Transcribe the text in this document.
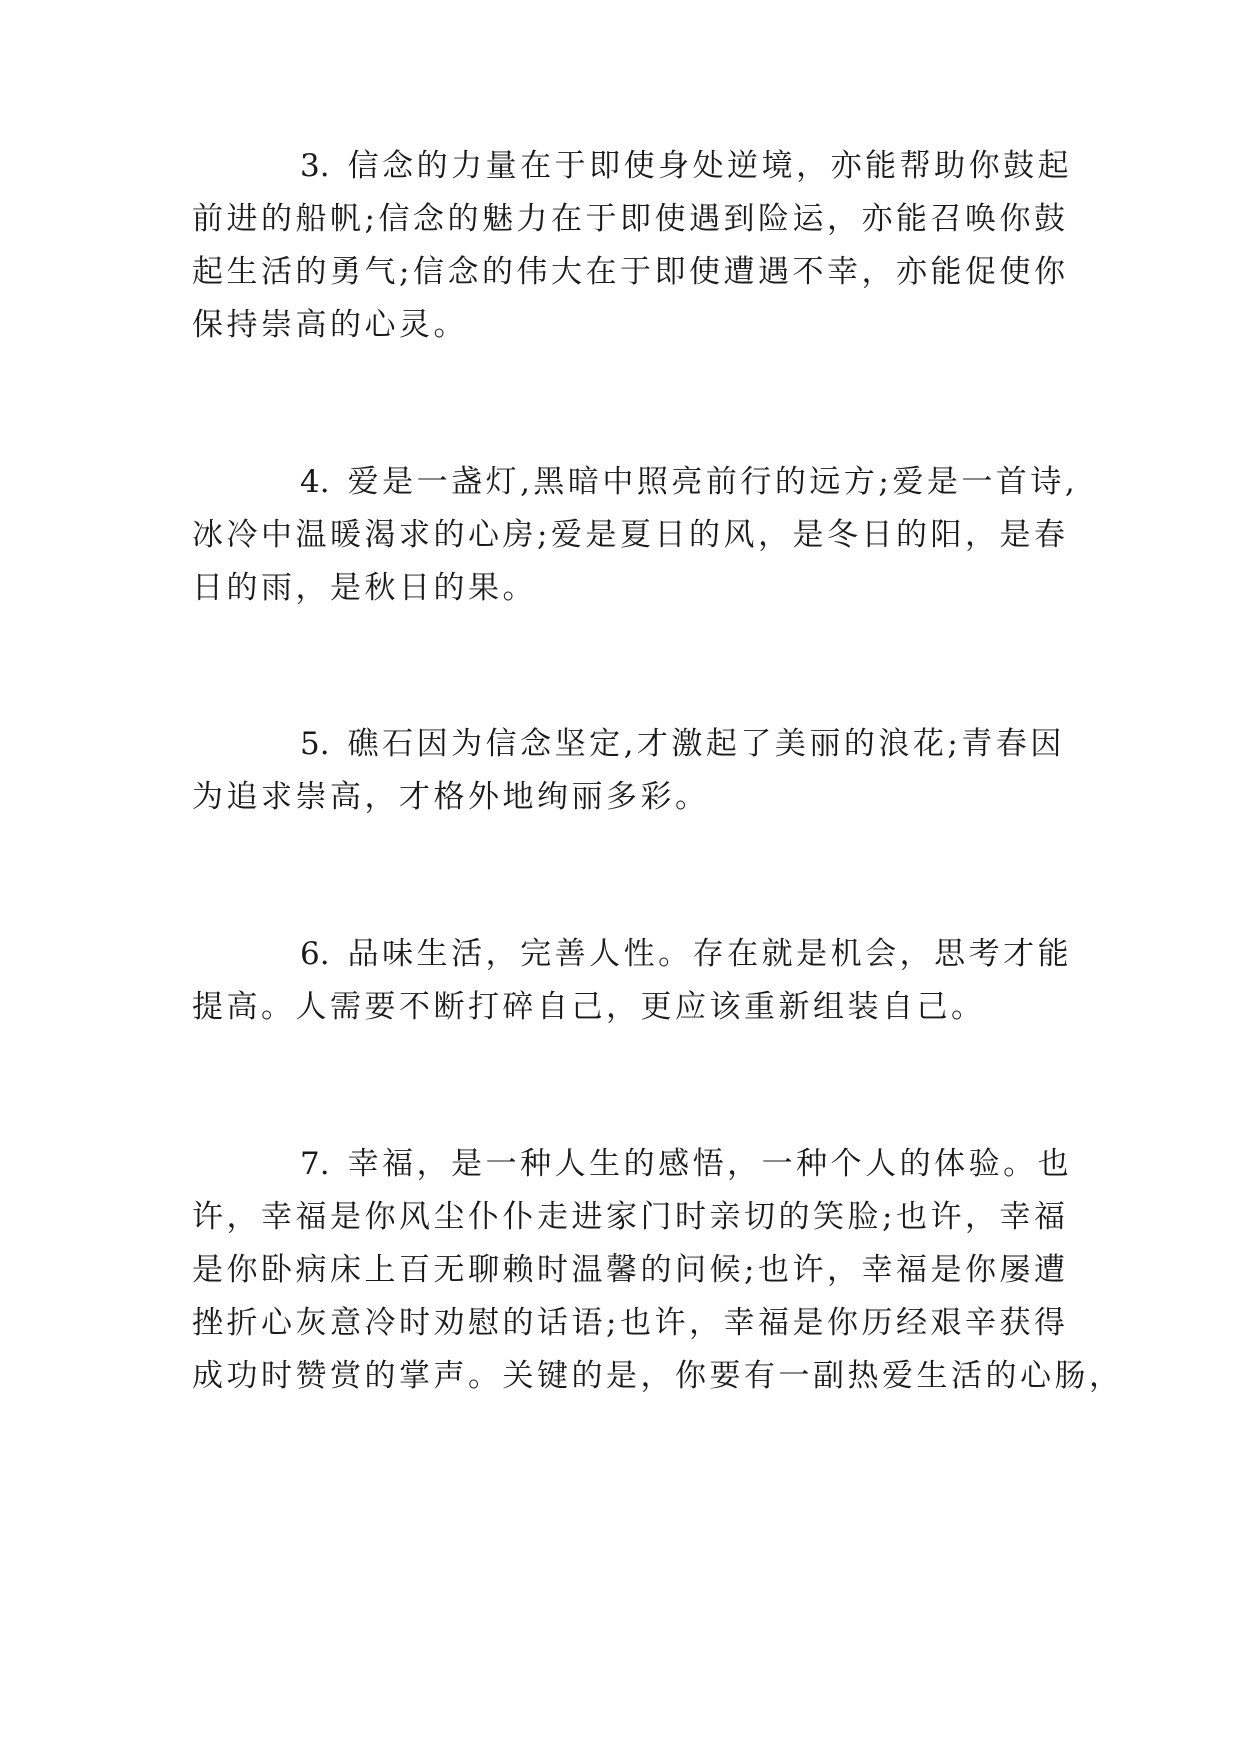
3. 信念的力量在于即使身处逆境，亦能帮助你鼓起
前进的船帆;信念的魅力在于即使遇到险运，亦能召唤你鼓
起生活的勇气;信念的伟大在于即使遭遇不幸，亦能促使你
保持崇高的心灵。
4. 爱是一盏灯,黑暗中照亮前行的远方;爱是一首诗,
冰冷中温暖渴求的心房;爱是夏日的风，是冬日的阳，是春
日的雨，是秋日的果。
5. 礁石因为信念坚定,才激起了美丽的浪花;青春因
为追求崇高，才格外地绚丽多彩。
6. 品味生活，完善人性。存在就是机会，思考才能
提高。人需要不断打碎自己，更应该重新组装自己。
7. 幸福，是一种人生的感悟，一种个人的体验。也
许，幸福是你风尘仆仆走进家门时亲切的笑脸;也许，幸福
是你卧病床上百无聊赖时温馨的问候;也许，幸福是你屡遭
挫折心灰意冷时劝慰的话语;也许，幸福是你历经艰辛获得
成功时赞赏的掌声。关键的是，你要有一副热爱生活的心肠，
